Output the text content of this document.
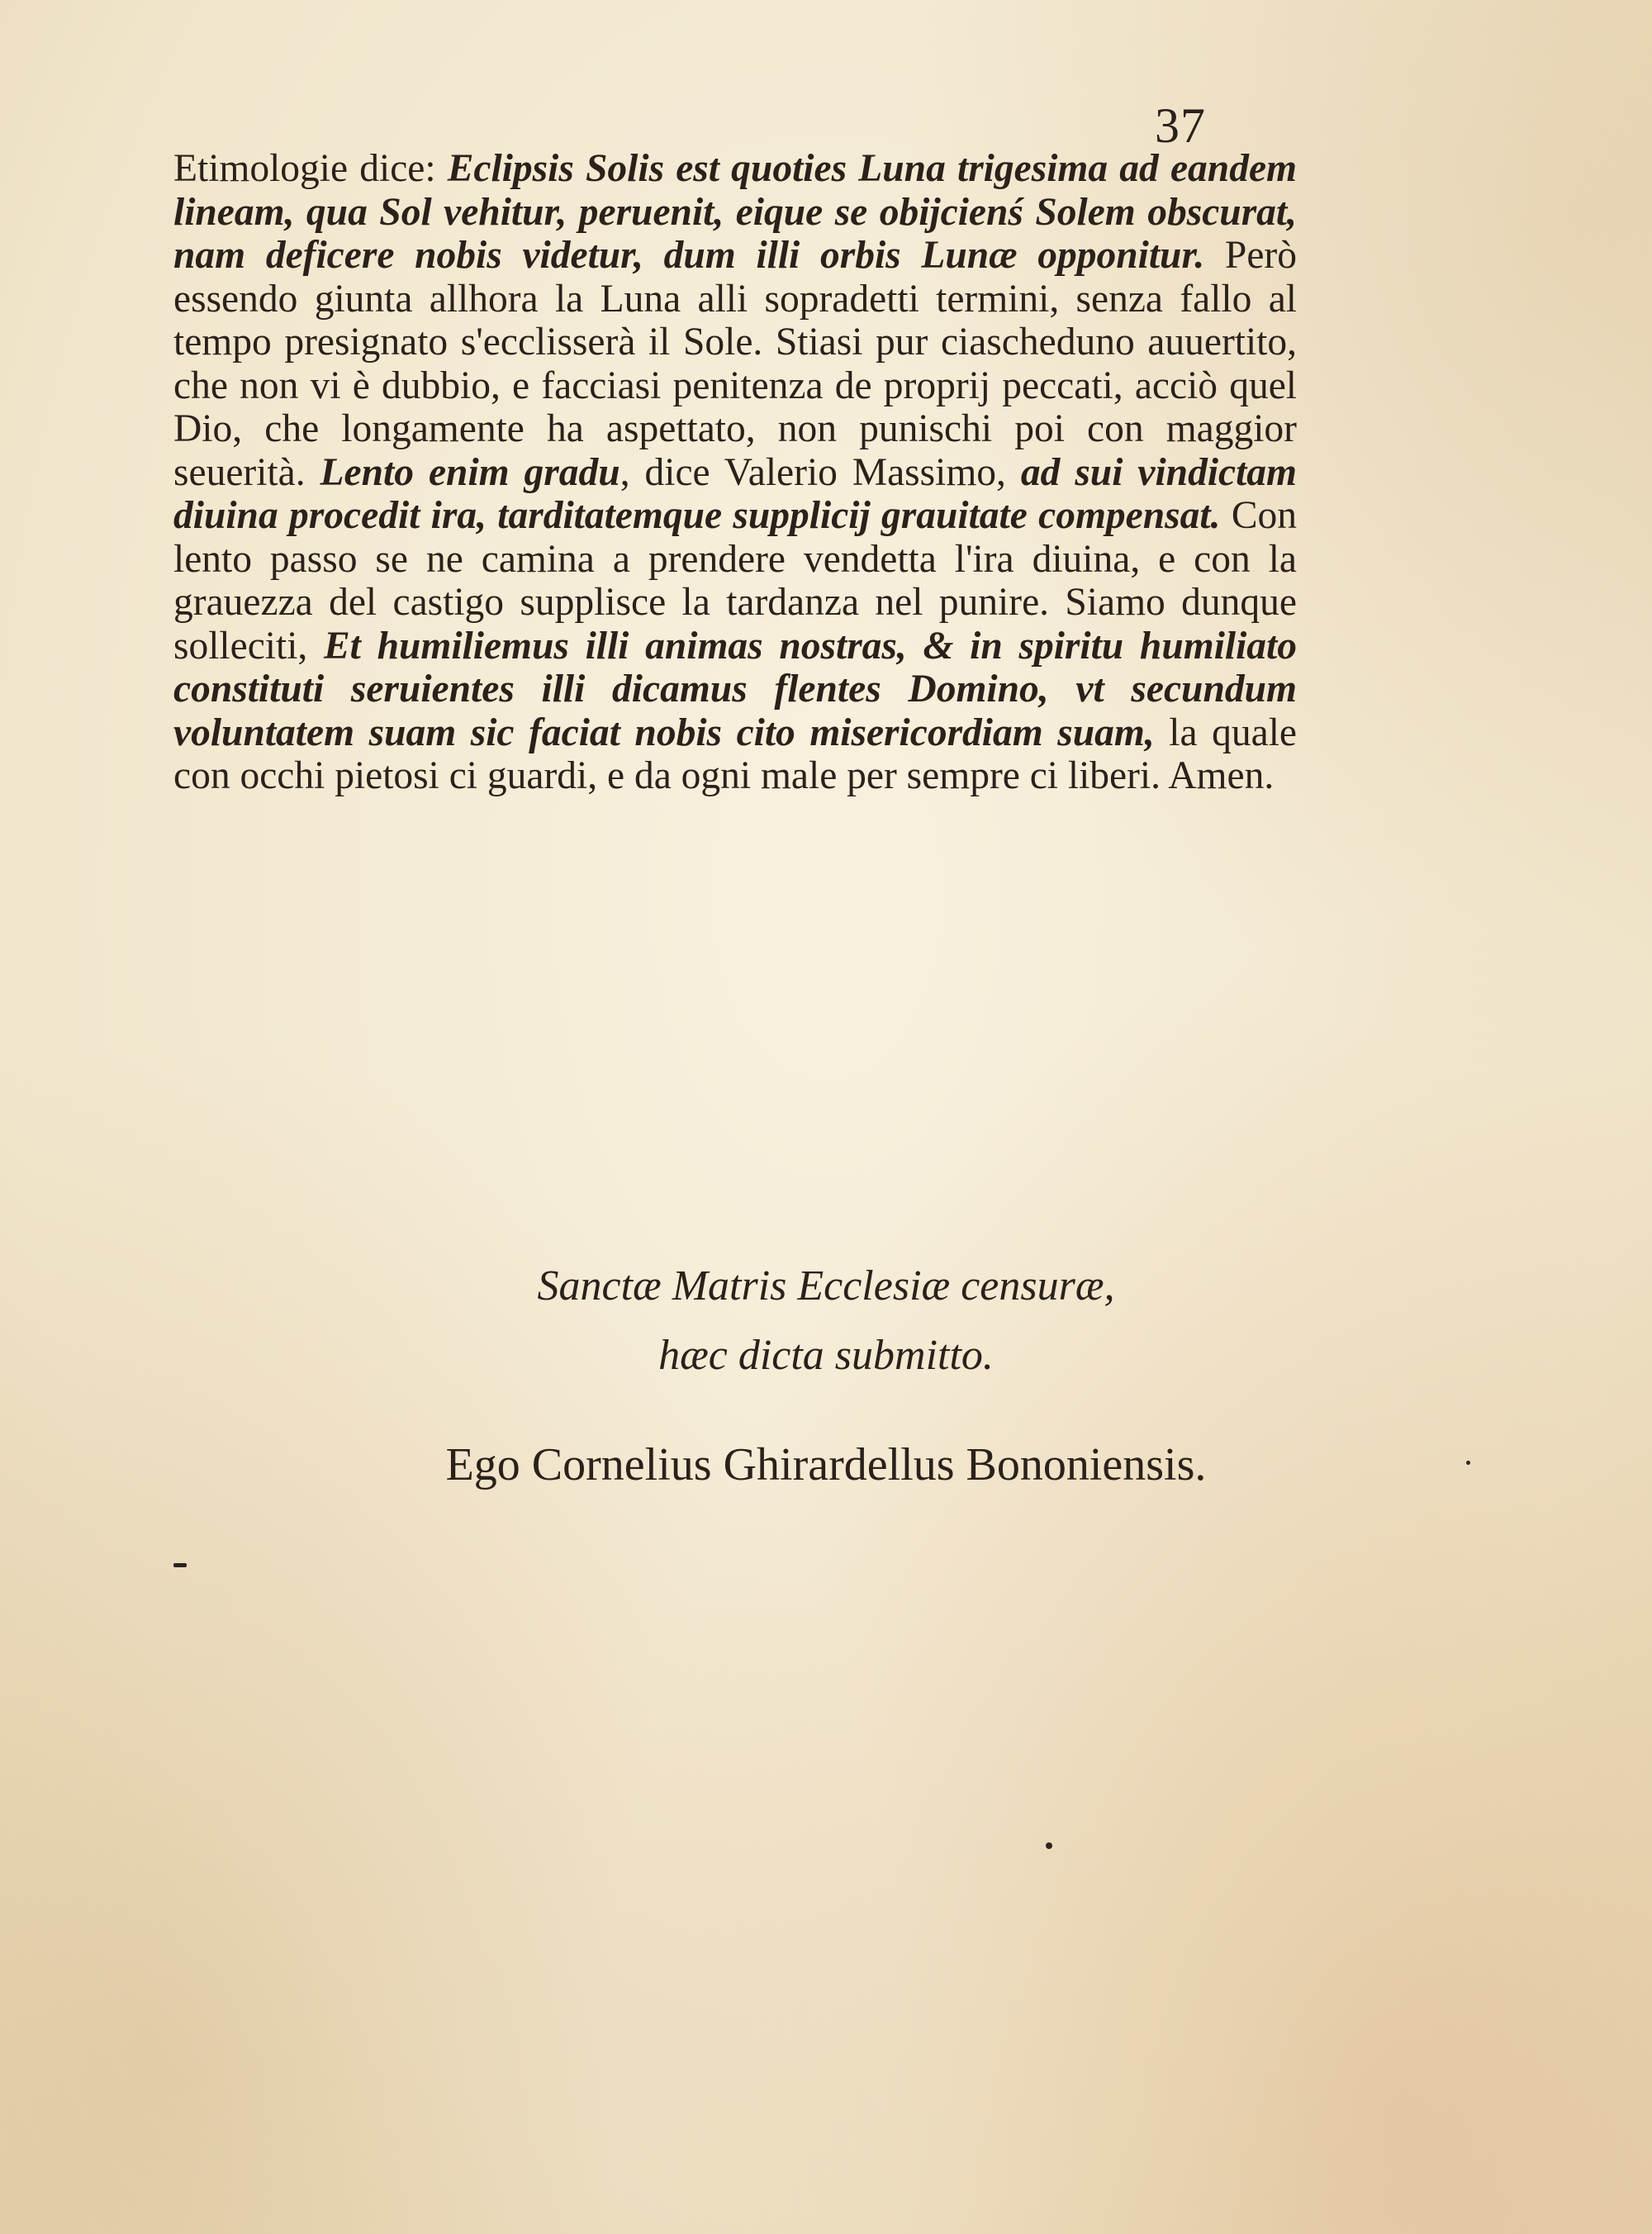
37

Etimologie dice: Eclipsis Solis est quoties Luna trigesima ad eandem lineam, qua Sol vehitur, peruenit, eique se obijcienś Solem obscurat, nam deficere nobis videtur, dum illi orbis Lunæ opponitur. Però essendo giunta allhora la Luna alli sopradetti termini, senza fallo al tempo presignato s'ecclisserà il Sole. Stiasi pur ciascheduno auuertito, che non vi è dubbio, e facciasi penitenza de proprij peccati, acciò quel Dio, che longamente ha aspettato, non punischi poi con maggior seuerità. Lento enim gradu, dice Valerio Massimo, ad sui vindictam diuina procedit ira, tarditatemque supplicij grauitate compensat. Con lento passo se ne camina a prendere vendetta l'ira diuina, e con la grauezza del castigo supplisce la tardanza nel punire. Siamo dunque solleciti, Et humiliemus illi animas nostras, & in spiritu humiliato constituti seruientes illi dicamus flentes Domino, vt secundum voluntatem suam sic faciat nobis cito misericordiam suam, la quale con occhi pietosi ci guardi, e da ogni male per sempre ci liberi. Amen.

Sanctæ Matris Ecclesiæ censuræ,
hæc dicta submitto.
Ego Cornelius Ghirardellus Bononiensis.
